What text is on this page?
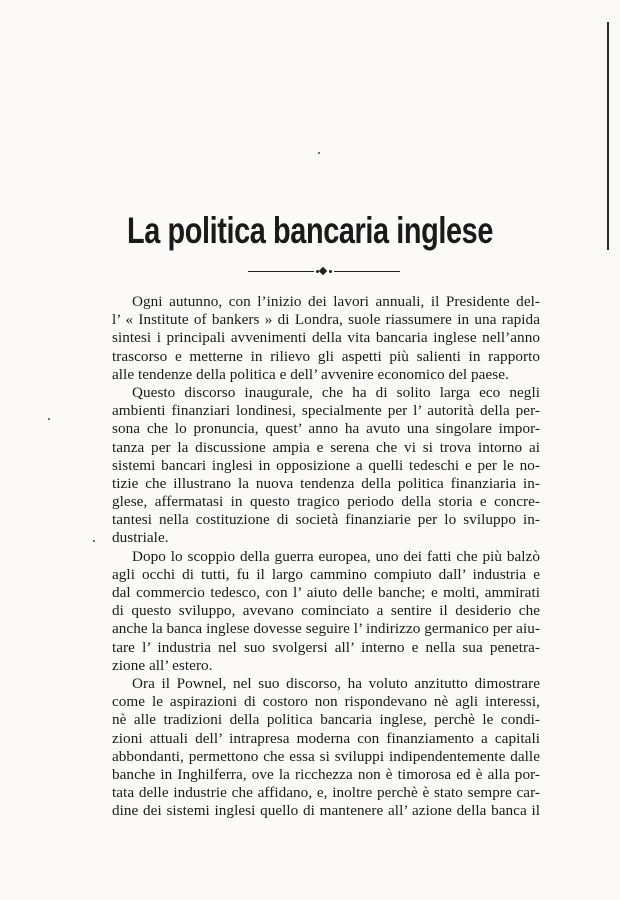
La politica bancaria inglese
Ogni autunno, con l’inizio dei lavori annuali, il Presidente del-
l’ « Institute of bankers » di Londra, suole riassumere in una rapida
sintesi i principali avvenimenti della vita bancaria inglese nell’anno
trascorso e metterne in rilievo gli aspetti più salienti in rapporto
alle tendenze della politica e dell’ avvenire economico del paese.
Questo discorso inaugurale, che ha di solito larga eco negli
ambienti finanziari londinesi, specialmente per l’ autorità della per-
sona che lo pronuncia, quest’ anno ha avuto una singolare impor-
tanza per la discussione ampia e serena che vi si trova intorno ai
sistemi bancari inglesi in opposizione a quelli tedeschi e per le no-
tizie che illustrano la nuova tendenza della politica finanziaria in-
glese, affermatasi in questo tragico periodo della storia e concre-
tantesi nella costituzione di società finanziarie per lo sviluppo in-
dustriale.
Dopo lo scoppio della guerra europea, uno dei fatti che più balzò
agli occhi di tutti, fu il largo cammino compiuto dall’ industria e
dal commercio tedesco, con l’ aiuto delle banche; e molti, ammirati
di questo sviluppo, avevano cominciato a sentire il desiderio che
anche la banca inglese dovesse seguire l’ indirizzo germanico per aiu-
tare l’ industria nel suo svolgersi all’ interno e nella sua penetra-
zione all’ estero.
Ora il Pownel, nel suo discorso, ha voluto anzitutto dimostrare
come le aspirazioni di costoro non rispondevano nè agli interessi,
nè alle tradizioni della politica bancaria inglese, perchè le condi-
zioni attuali dell’ intrapresa moderna con finanziamento a capitali
abbondanti, permettono che essa si sviluppi indipendentemente dalle
banche in Inghilferra, ove la ricchezza non è timorosa ed è alla por-
tata delle industrie che affidano, e, inoltre perchè è stato sempre car-
dine dei sistemi inglesi quello di mantenere all’ azione della banca il
